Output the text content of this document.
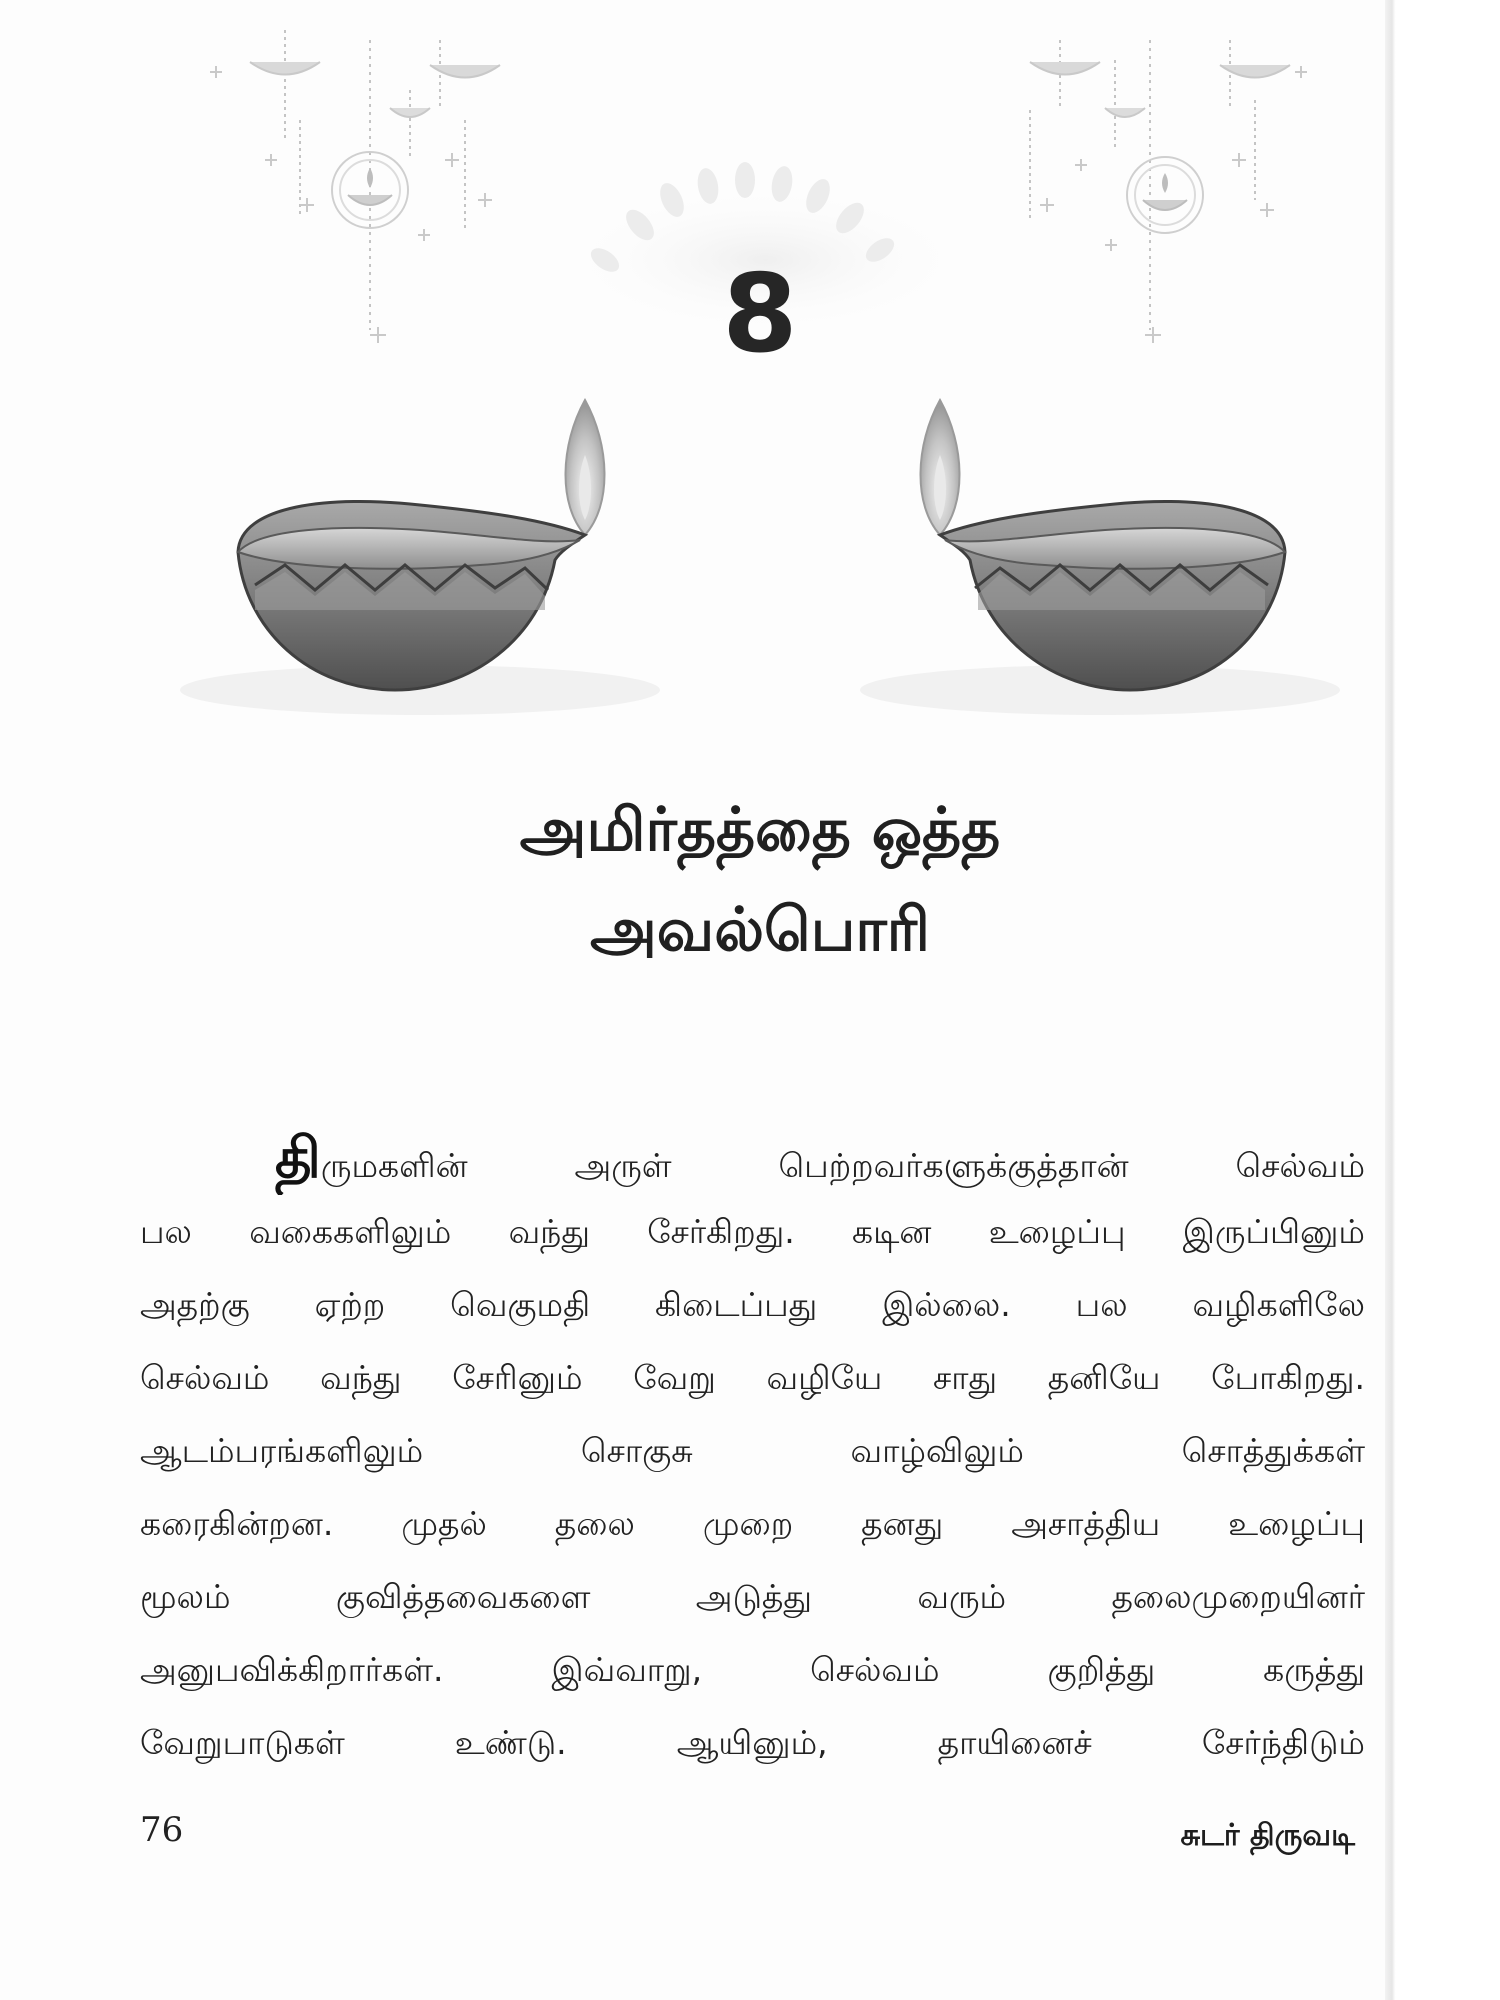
8
அமிர்தத்தை ஒத்த
அவல்பொரி
திருமகளின் அருள் பெற்றவர்களுக்குத்தான் செல்வம்
பல வகைகளிலும் வந்து சேர்கிறது. கடின உழைப்பு இருப்பினும்
அதற்கு ஏற்ற வெகுமதி கிடைப்பது இல்லை. பல வழிகளிலே
செல்வம் வந்து சேரினும் வேறு வழியே சாது தனியே போகிறது.
ஆடம்பரங்களிலும் சொகுசு வாழ்விலும் சொத்துக்கள்
கரைகின்றன. முதல் தலை முறை தனது அசாத்திய உழைப்பு
மூலம் குவித்தவைகளை அடுத்து வரும் தலைமுறையினர்
அனுபவிக்கிறார்கள். இவ்வாறு, செல்வம் குறித்து கருத்து
வேறுபாடுகள் உண்டு. ஆயினும், தாயினைச் சேர்ந்திடும்
76	சுடர் திருவடி
